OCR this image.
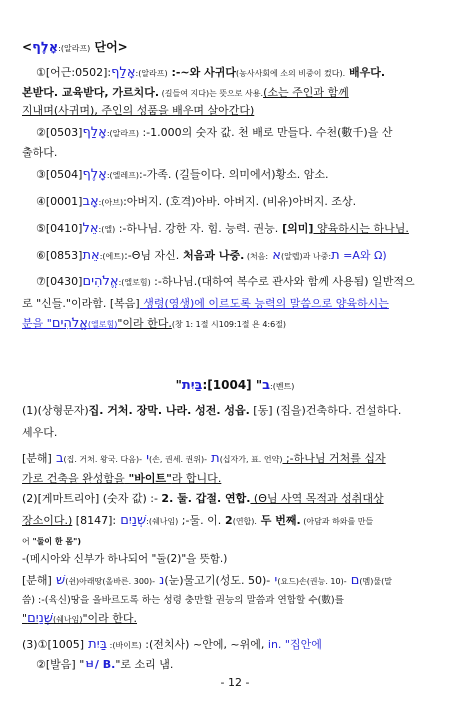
<אָלֶף:(알라프) 단어>
①[어근:0502]:אָלַף:(알라프) :-~와 사귀다(농사사회에 소의 비중이 컸다). 배우다.
본받다. 교육받다, 가르치다. (길들여 지다)는 뜻으로 사용.(소는 주인과 함께
지내며(사귀며), 주인의 성품을 배우며 살아간다)
②[0503]אָלַף:(알라프) :-1.000의 숫자 값. 천 배로 만들다. 수천(數千)을 산
출하다.
③[0504]אָלֶף:(엘레프):-가족. (길들이다. 의미에서)황소. 암소.
④[0001]אָב:(아브):아버지. (호격)아바. 아버지. (비유)아버지. 조상.
⑤[0410]אֵל:(엘) :-하나님. 강한 자. 힘. 능력. 권능. [의미] 양육하시는 하나님.
⑥[0853]אֵת:(에트):-Θ님 자신. 처음과 나중. (처음: א(알렙)과 나중:ת =A와 Ω)
⑦[0430]אֱלֹהִים:(엘로힘) :-하나님.(대하여 복수로 관사와 함께 사용됨) 일반적으
로 "신들."이라함. [복음] 생령(영생)에 이르도록 능력의 말씀으로 양육하시는
분을 "אֱלֹהִים(엘로힘)"이라 한다.(창 1: 1절 시109:1절 욘 4:6절)
"	ב" [1004]:בַּיִת	:(벤트)
(1)(상형문자)집. 거처. 장막. 나라. 성전. 성읍. [동] (집을)건축하다. 건설하다.
세우다.
[분해] ב(집. 거처. 왕국. 다음)- י(손, 권세. 권위)- ת(십자가, 표. 언약) ;-하나님 거처를 십자
가로 건축을 완성함을 "바이트"라 합니다.
(2)[게마트리아] (숫자 값) :- 2. 둘. 갑절. 연합. (Θ님 사역 목적과 성취대상
장소이다.) [8147]: שְׁנַיִם:(쉐나임) ;-둘. 이. 2(연합). 두 번째. (아담과 하와를 만들
어 "둘이 한 몸")
-(메시아와 신부가 하나되어 "둘(2)"을 뜻함.)
[분해] שׁ(쉰)아래땅(올바른. 300)- נ(눈)물고기(성도. 50)- י(요드)손(권능. 10)- ם(멤)물(말
씀) :-(육신)땅을 올바르도록 하는 성령 충만할 권능의 말씀과 연합할 수(數)를
"שְׁנַיִם(쉐나임)"이라 한다.
(3)①[1005] בַּיִת :(바이트) :(전치사) ~안에, ~위에, in. "집안에
②[발음] "ㅂ/ B."로 소리 냄.
- 12 -
